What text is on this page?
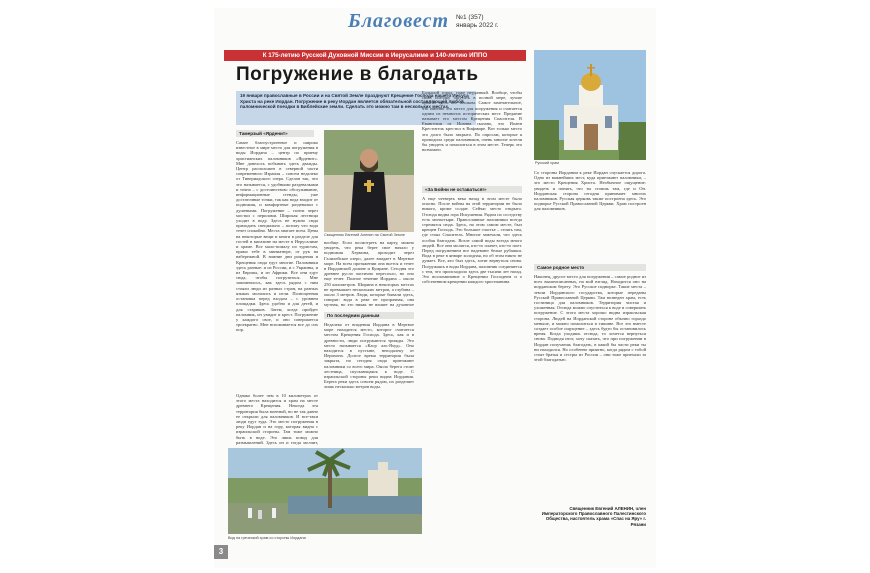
Благовест №1 (357)
январь 2022 г.
К 175-летию Русской Духовной Миссии в Иерусалиме и 140-летию ИППО
Погружение в благодать
Русский храм
19 января православные в России и на Святой Земле празднуют Крещение Господа нашего Иисуса Христа на реке Иордан. Погружение в реку Иордан является обязательной составляющей любой паломнической поездки в Библейские земли. Сделать это можно там в нескольких местах.
Тамерзый «Ярденит»
Самое благоустроенное и широко известное в мире место для погружения в воды Иордана – центр по приему христианских паломников «Ярденит». Мне довелось побывать здесь дважды. Центр расположен в северной части современного Израиля – совсем недалеко от Тивериадского озера. Сделан так, что это называется, с удобными раздевалками и точно – с достоинством: обслуживание, информационные стенды, уже достаточные точки, так как вода входит от подножия, и комфортные раздевалки с душевыми. Погружение – почти через мостки с перилами. Широкая лестница уходит в воду. Здесь не нужно сюда приходить специально – потому что вода течет спокойно. Места хватает всем. Цены на некоторые вещи и книги в разделе для гостей в магазине на месте в Иерусалиме и храме. Все мало-помалу по туристам, прямо тебе в миниатюре, от рук на набережной. В зимние дни рождения и Крещения сюда едут многие. Паломники здесь разные: и из России, и с Украины, и из Европы, и из Африки. Все они едут сюда, чтобы погрузиться. Мне запомнилось, как здесь рядом с ним стояли люди из разных стран, на разных языках молились и пели. Полноценная остановка перед входом – с уровнем площадки. Здесь удобно и для детей, и для стариков. Затем, когда пройдет паломник, он увидит и крест. Погружение у каждого свое, и оно совершается троекратно. Мне вспоминается все до сих пор.
Однако более чем в 10 километрах от этого места находится и храм на месте древнего Крещения. Некогда эта территория была военной, но не так давно ее открыли для паломников. И все-таки люди едут туда. Это место погружения в реку Иордан и на гору, которая видна с израильской стороны. Там тоже можно быть в воде. Это лишь повод для размышлений. Здесь он и тогда молчит,
Священник Евгений Аленин на Святой Земле
вообще. Если посмотреть на карту, можно увидеть, что река берет свое начало у подножия Хермона, проходит через Галилейское озеро, далее впадает в Мертвое море. На всем протяжении она вьется и течет в Иорданской долине и Кумране. Сегодня это древнее русло частично пересохло, но оно еще течет. Полное течение Иордана – около 250 километров. Ширина в некоторых местах не превышает нескольких метров, а глубина – около 3 метров. Люди, которые бывали здесь, говорят: вода в реке не прозрачная, она мутная, но это никак не влияет на духовное
По последним данным
Недалеко от впадения Иордана в Мертвое море находится место, которое считается местом Крещения Господа. Здесь, как и в древности, люди погружаются трижды. Это место называется «Каср аль-Яхуд». Оно находится в пустыне, неподалеку от Иерихона. Долгое время территория была закрыта, но сегодня сюда приезжают паломники со всего мира. Около берега стоит лестница, спускающаяся к воде. С израильской стороны реки видна Иордания. Берега реки здесь совсем рядом, их разделяет лишь несколько метров воды.
Большой город, тоже неудачный. Вообще, чтобы свою поездку ощутить в полной мере, лучше пройти здесь все пешком. Самое замечательное, что именно это место для погружения и считается одним из немногих исторических мест. Предание называет его местом Крещения Спасителя. В Евангелии от Иоанна сказано, что Иоанн Креститель крестил в Вифаваре. Вот только место это долго было закрыто. По опросам, которые я проводила среди паломников, очень многие хотели бы увидеть и помолиться в этом месте. Теперь это возможно.
«За Бойни не оставаться!»
А еще четверть века назад в этом месте было опасно. После войны на этой территории не было никого, кроме солдат. Сейчас место открыто. Отсюда видна гора Искушения. Рядом по соседству есть монастыри. Православные паломники всегда стремятся сюда. Здесь, на этом самом месте, был крещен Господь. Это большое счастье – стоять там, где стоял Спаситель. Многие замечали, что здесь особая благодать. Возле самой воды всегда много людей. Все они молятся, кто-то плачет, кто-то поет. Перед погружением все надевают белые рубашки. Вода в реке в январе холодная, но об этом никто не думает. Все, кто был здесь, хотят вернуться снова. Погружаясь в воды Иордана, паломник соединяется с тем, что происходило здесь две тысячи лет назад. Это воспоминание о Крещении Господнем и о собственном крещении каждого христианина.
Со стороны Иордании к реке Иордан спускается дорога. Одно из важнейших мест, куда приезжают паломники, – это место Крещения Христа. Необычное ощущение: увидеть и понять, что ты стоишь там, где и Он. Иорданская сторона сегодня принимает многих паломников. Русская церковь также построена здесь. Это подворье Русской Православной Церкви. Храм построен для паломников.
Самое родное место
Наконец, другое место для погружения – самое родное из всех вышеописанных, на мой взгляд. Находится оно на иорданском берегу. Это Русское подворье. Такие места – земли Иорданского государства, которые переданы Русской Православной Церкви. Там возведен храм, есть гостиница для паломников. Территория чистая и ухоженная. Отсюда можно спуститься к воде и совершить погружение. С этого места хорошо видна израильская сторона. Людей на Иорданской стороне обычно гораздо меньше, и можно помолиться в тишине. Все это вместе создает особое ощущение – здесь будто бы остановилось время. Когда уходишь отсюда, то хочется вернуться снова. Подводя итог, хочу сказать, что при погружении в Иордан получаешь благодать, в какой бы части реки ты ни находился. Но особенно приятно, когда рядом с тобой стоят братья и сестры из России – они тоже приехали за этой благодатью.
Священник Евгений АЛЕНИН, член Императорского Православного Палестинского Общества, настоятель храма «Спас на Яру» г. Рязани
Вид на греческий храм со стороны Иордана
3
